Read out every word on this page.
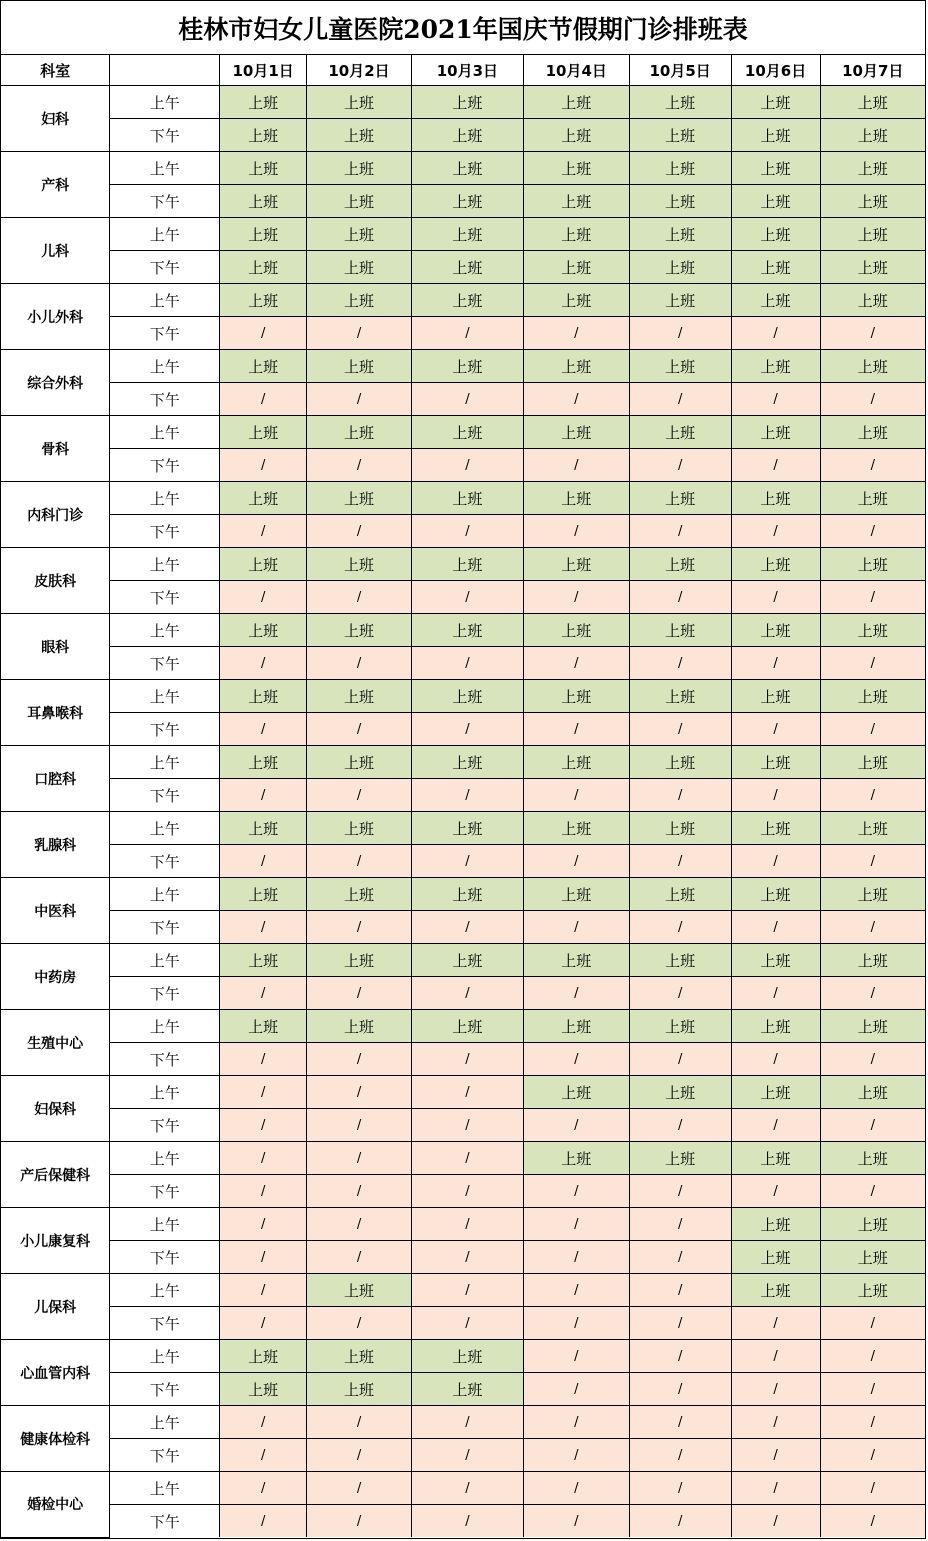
桂林市妇女儿童医院2021年国庆节假期门诊排班表
科室		10月1日	10月2日	10月3日	10月4日	10月5日	10月6日	10月7日
妇科	上午	上班	上班	上班	上班	上班	上班	上班
	下午	上班	上班	上班	上班	上班	上班	上班
产科	上午	上班	上班	上班	上班	上班	上班	上班
	下午	上班	上班	上班	上班	上班	上班	上班
儿科	上午	上班	上班	上班	上班	上班	上班	上班
	下午	上班	上班	上班	上班	上班	上班	上班
小儿外科	上午	上班	上班	上班	上班	上班	上班	上班
	下午	/	/	/	/	/	/	/
综合外科	上午	上班	上班	上班	上班	上班	上班	上班
	下午	/	/	/	/	/	/	/
骨科	上午	上班	上班	上班	上班	上班	上班	上班
	下午	/	/	/	/	/	/	/
内科门诊	上午	上班	上班	上班	上班	上班	上班	上班
	下午	/	/	/	/	/	/	/
皮肤科	上午	上班	上班	上班	上班	上班	上班	上班
	下午	/	/	/	/	/	/	/
眼科	上午	上班	上班	上班	上班	上班	上班	上班
	下午	/	/	/	/	/	/	/
耳鼻喉科	上午	上班	上班	上班	上班	上班	上班	上班
	下午	/	/	/	/	/	/	/
口腔科	上午	上班	上班	上班	上班	上班	上班	上班
	下午	/	/	/	/	/	/	/
乳腺科	上午	上班	上班	上班	上班	上班	上班	上班
	下午	/	/	/	/	/	/	/
中医科	上午	上班	上班	上班	上班	上班	上班	上班
	下午	/	/	/	/	/	/	/
中药房	上午	上班	上班	上班	上班	上班	上班	上班
	下午	/	/	/	/	/	/	/
生殖中心	上午	上班	上班	上班	上班	上班	上班	上班
	下午	/	/	/	/	/	/	/
妇保科	上午	/	/	/	上班	上班	上班	上班
	下午	/	/	/	/	/	/	/
产后保健科	上午	/	/	/	上班	上班	上班	上班
	下午	/	/	/	/	/	/	/
小儿康复科	上午	/	/	/	/	/	上班	上班
	下午	/	/	/	/	/	上班	上班
儿保科	上午	/	上班	/	/	/	上班	上班
	下午	/	/	/	/	/	/	/
心血管内科	上午	上班	上班	上班	/	/	/	/
	下午	上班	上班	上班	/	/	/	/
健康体检科	上午	/	/	/	/	/	/	/
	下午	/	/	/	/	/	/	/
婚检中心	上午	/	/	/	/	/	/	/
	下午	/	/	/	/	/	/	/
